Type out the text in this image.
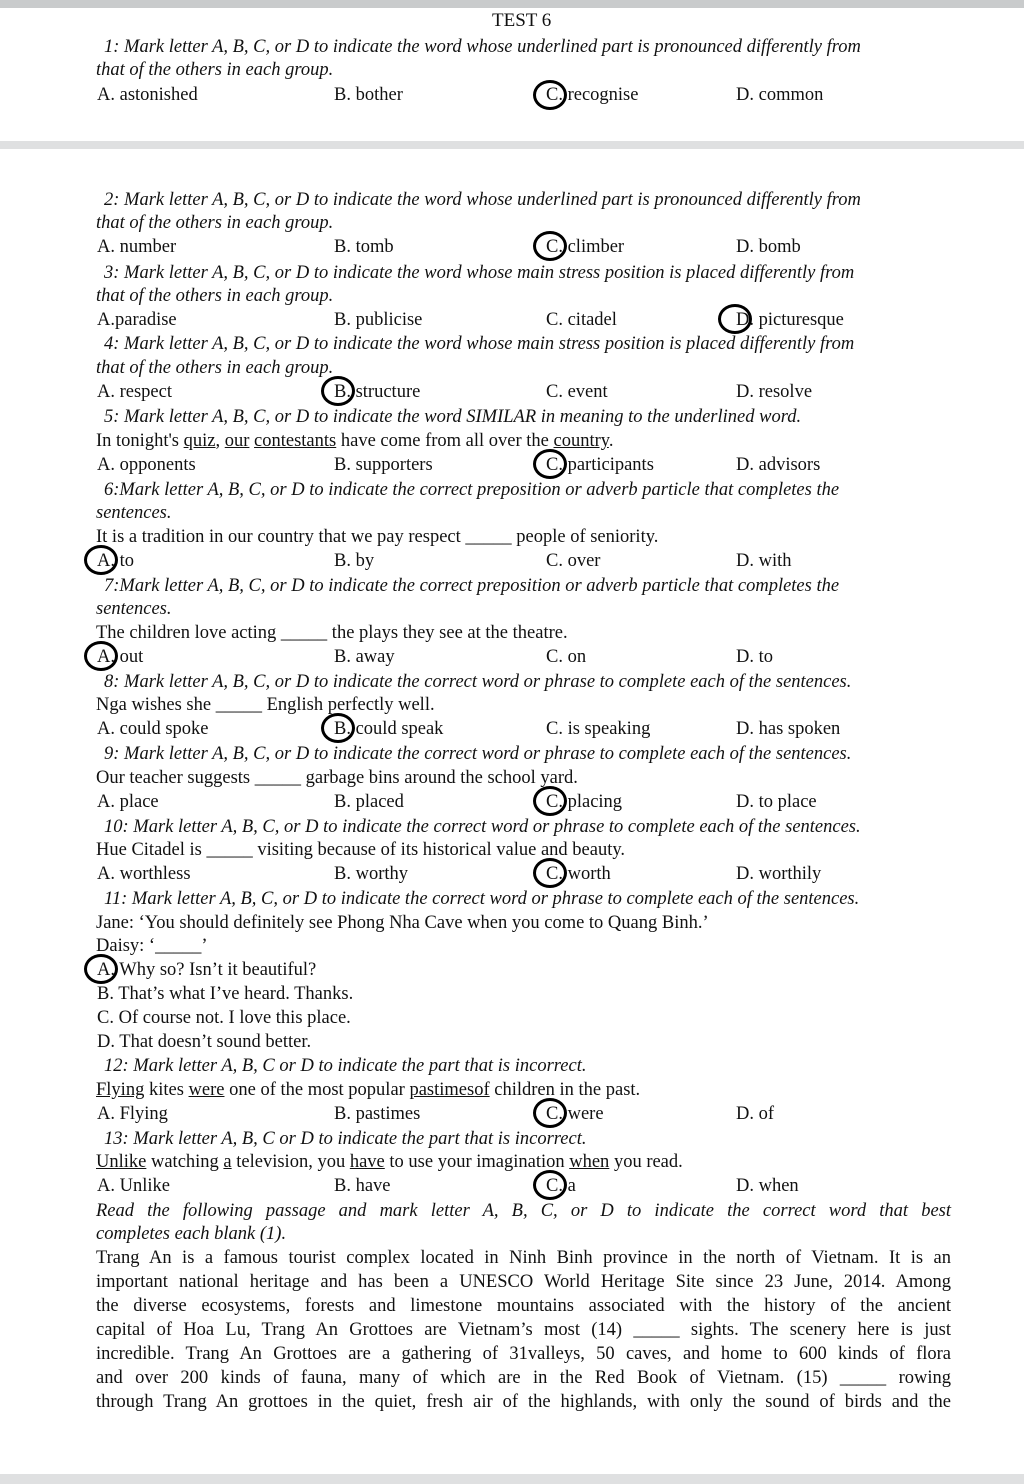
TEST 6
1: Mark letter A, B, C, or D to indicate the word whose underlined part is pronounced differently from
that of the others in each group.
A. astonished	B. bother	C. recognise	D. common
2: Mark letter A, B, C, or D to indicate the word whose underlined part is pronounced differently from
that of the others in each group.
A. number	B. tomb	C. climber	D. bomb
3: Mark letter A, B, C, or D to indicate the word whose main stress position is placed differently from
that of the others in each group.
A.paradise	B. publicise	C. citadel	D. picturesque
4: Mark letter A, B, C, or D to indicate the word whose main stress position is placed differently from
that of the others in each group.
A. respect	B. structure	C. event	D. resolve
5: Mark letter A, B, C, or D to indicate the word SIMILAR in meaning to the underlined word.
In tonight's quiz, our contestants have come from all over the country.
A. opponents	B. supporters	C. participants	D. advisors
6:Mark letter A, B, C, or D to indicate the correct preposition or adverb particle that completes the
sentences.
It is a tradition in our country that we pay respect _____ people of seniority.
A. to	B. by	C. over	D. with
7:Mark letter A, B, C, or D to indicate the correct preposition or adverb particle that completes the
sentences.
The children love acting _____ the plays they see at the theatre.
A. out	B. away	C. on	D. to
8: Mark letter A, B, C, or D to indicate the correct word or phrase to complete each of the sentences.
Nga wishes she _____ English perfectly well.
A. could spoke	B. could speak	C. is speaking	D. has spoken
9: Mark letter A, B, C, or D to indicate the correct word or phrase to complete each of the sentences.
Our teacher suggests _____ garbage bins around the school yard.
A. place	B. placed	C. placing	D. to place
10: Mark letter A, B, C, or D to indicate the correct word or phrase to complete each of the sentences.
Hue Citadel is _____ visiting because of its historical value and beauty.
A. worthless	B. worthy	C. worth	D. worthily
11: Mark letter A, B, C, or D to indicate the correct word or phrase to complete each of the sentences.
Jane: ‘You should definitely see Phong Nha Cave when you come to Quang Binh.’
Daisy: ‘_____’
A. Why so? Isn’t it beautiful?
B. That’s what I’ve heard. Thanks.
C. Of course not. I love this place.
D. That doesn’t sound better.
12: Mark letter A, B, C or D to indicate the part that is incorrect.
Flying kites were one of the most popular pastimesof children in the past.
A. Flying	B. pastimes	C. were	D. of
13: Mark letter A, B, C or D to indicate the part that is incorrect.
Unlike watching a television, you have to use your imagination when you read.
A. Unlike	B. have	C. a	D. when
Read the following passage and mark letter A, B, C, or D to indicate the correct word that best
completes each blank (1).
Trang An is a famous tourist complex located in Ninh Binh province in the north of Vietnam. It is an
important national heritage and has been a UNESCO World Heritage Site since 23 June, 2014. Among
the diverse ecosystems, forests and limestone mountains associated with the history of the ancient
capital of Hoa Lu, Trang An Grottoes are Vietnam’s most (14) _____ sights. The scenery here is just
incredible. Trang An Grottoes are a gathering of 31valleys, 50 caves, and home to 600 kinds of flora
and over 200 kinds of fauna, many of which are in the Red Book of Vietnam. (15) _____ rowing
through Trang An grottoes in the quiet, fresh air of the highlands, with only the sound of birds and the
